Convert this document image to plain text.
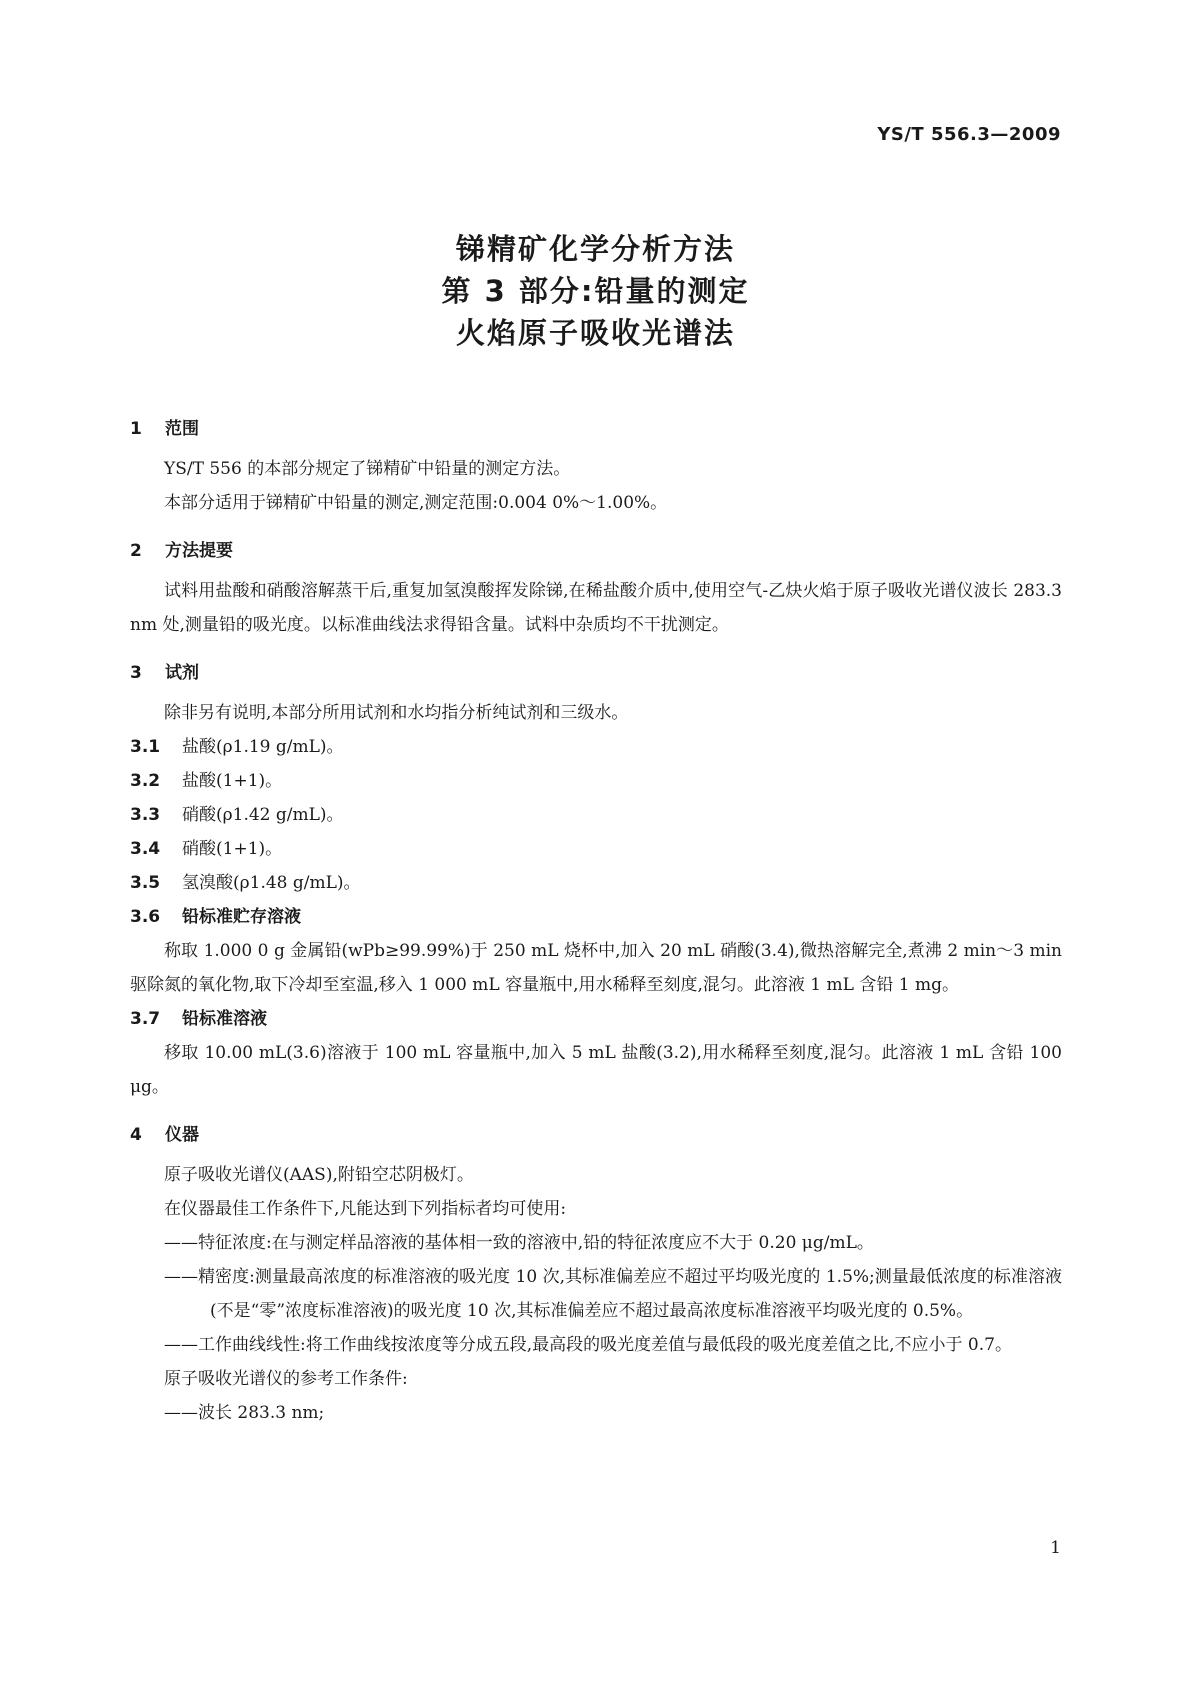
YS/T 556.3—2009
锑精矿化学分析方法
第 3 部分:铅量的测定
火焰原子吸收光谱法
1 范围
YS/T 556 的本部分规定了锑精矿中铅量的测定方法。
本部分适用于锑精矿中铅量的测定,测定范围:0.004 0%～1.00%。
2 方法提要
试料用盐酸和硝酸溶解蒸干后,重复加氢溴酸挥发除锑,在稀盐酸介质中,使用空气-乙炔火焰于原子吸收光谱仪波长 283.3 nm 处,测量铅的吸光度。以标准曲线法求得铅含量。试料中杂质均不干扰测定。
3 试剂
除非另有说明,本部分所用试剂和水均指分析纯试剂和三级水。
3.1 盐酸(ρ1.19 g/mL)。
3.2 盐酸(1+1)。
3.3 硝酸(ρ1.42 g/mL)。
3.4 硝酸(1+1)。
3.5 氢溴酸(ρ1.48 g/mL)。
3.6 铅标准贮存溶液
称取 1.000 0 g 金属铅(wPb≥99.99%)于 250 mL 烧杯中,加入 20 mL 硝酸(3.4),微热溶解完全,煮沸 2 min～3 min 驱除氮的氧化物,取下冷却至室温,移入 1 000 mL 容量瓶中,用水稀释至刻度,混匀。此溶液 1 mL 含铅 1 mg。
3.7 铅标准溶液
移取 10.00 mL(3.6)溶液于 100 mL 容量瓶中,加入 5 mL 盐酸(3.2),用水稀释至刻度,混匀。此溶液 1 mL 含铅 100 μg。
4 仪器
原子吸收光谱仪(AAS),附铅空芯阴极灯。
在仪器最佳工作条件下,凡能达到下列指标者均可使用:
——特征浓度:在与测定样品溶液的基体相一致的溶液中,铅的特征浓度应不大于 0.20 μg/mL。
——精密度:测量最高浓度的标准溶液的吸光度 10 次,其标准偏差应不超过平均吸光度的 1.5%;测量最低浓度的标准溶液(不是“零”浓度标准溶液)的吸光度 10 次,其标准偏差应不超过最高浓度标准溶液平均吸光度的 0.5%。
——工作曲线线性:将工作曲线按浓度等分成五段,最高段的吸光度差值与最低段的吸光度差值之比,不应小于 0.7。
原子吸收光谱仪的参考工作条件:
——波长 283.3 nm;
1
